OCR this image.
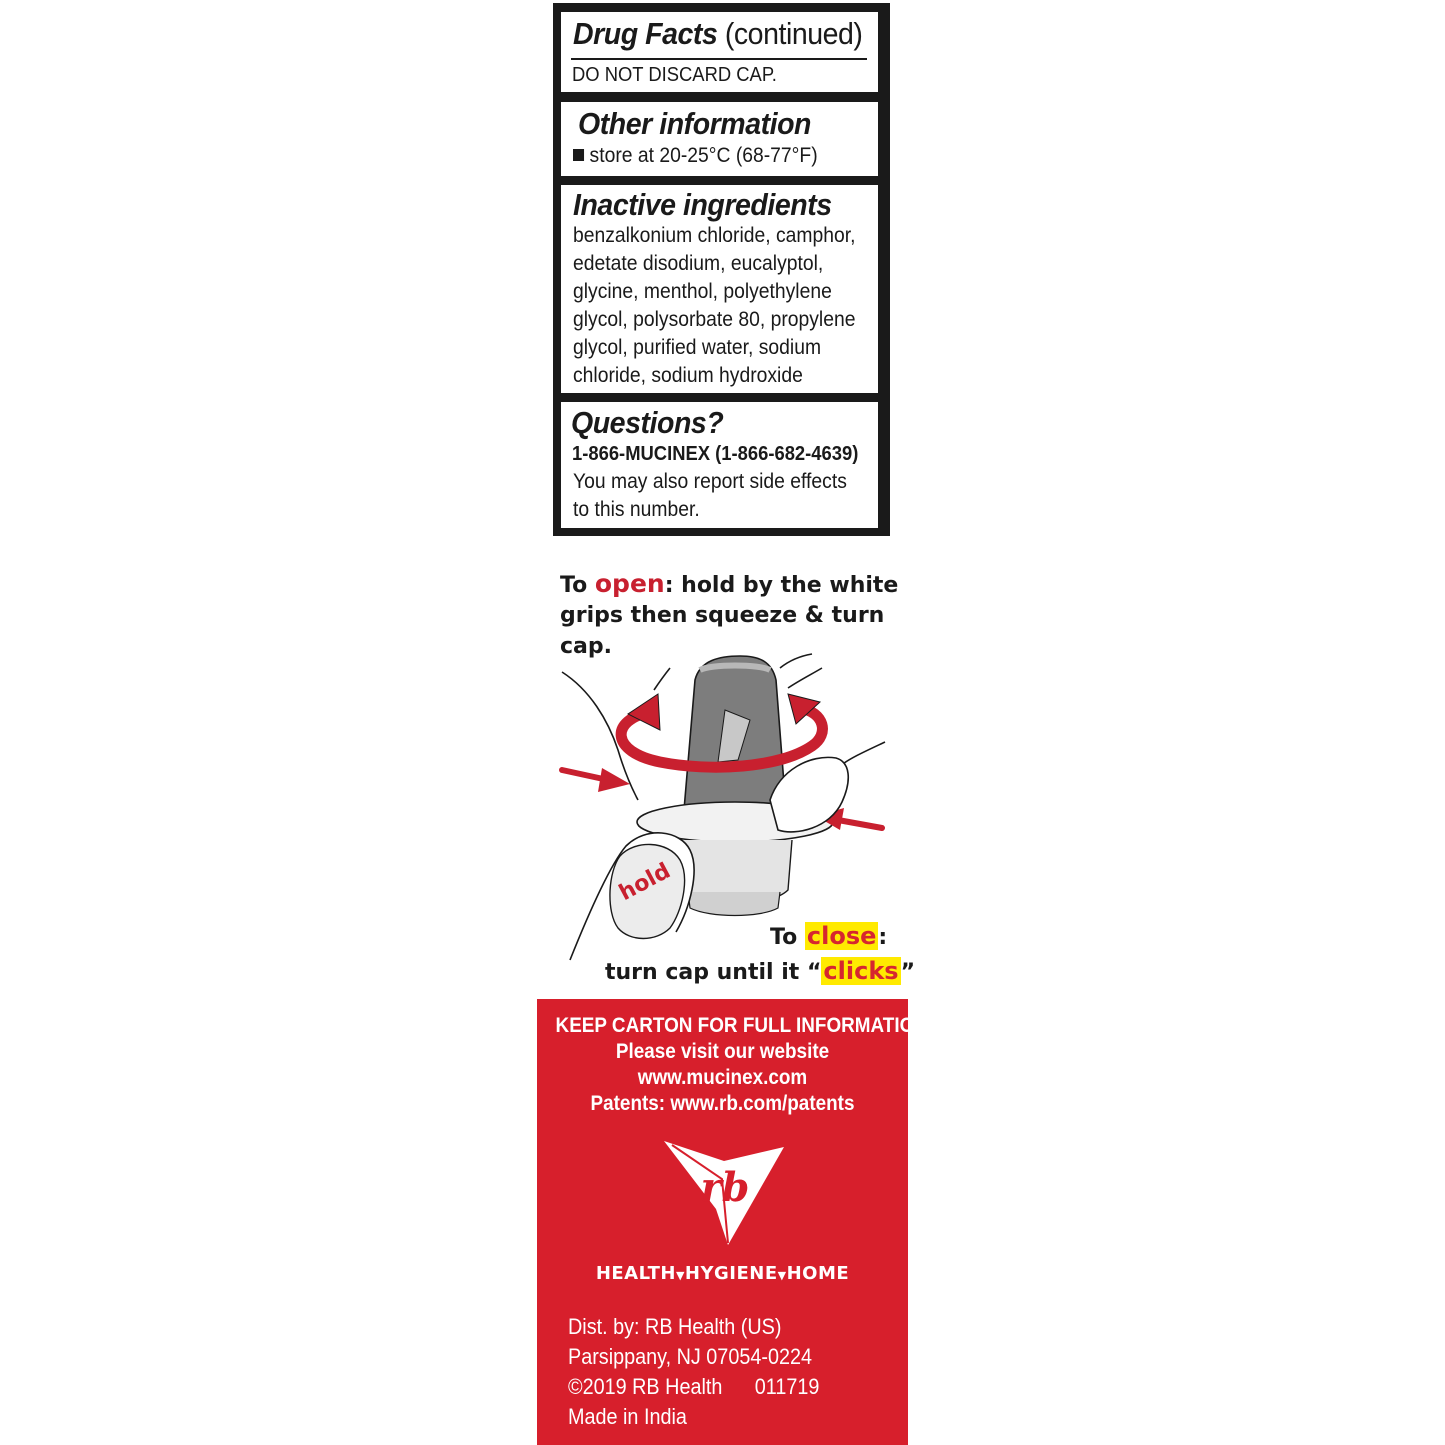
Drug Facts (continued)
DO NOT DISCARD CAP.
Other information
store at 20-25°C (68-77°F)
Inactive ingredients
benzalkonium chloride, camphor,
edetate disodium, eucalyptol,
glycine, menthol, polyethylene
glycol, polysorbate 80, propylene
glycol, purified water, sodium
chloride, sodium hydroxide
Questions?
1-866-MUCINEX (1-866-682-4639)
You may also report side effects
to this number.
To open: hold by the white
grips then squeeze & turn
cap.
hold
To close:
turn cap until it “clicks”
KEEP CARTON FOR FULL INFORMATION.
Please visit our website
www.mucinex.com
Patents: www.rb.com/patents
rb
HEALTH▼HYGIENE▼HOME
Dist. by: RB Health (US)
Parsippany, NJ 07054-0224
©2019 RB Health 011719
Made in India
